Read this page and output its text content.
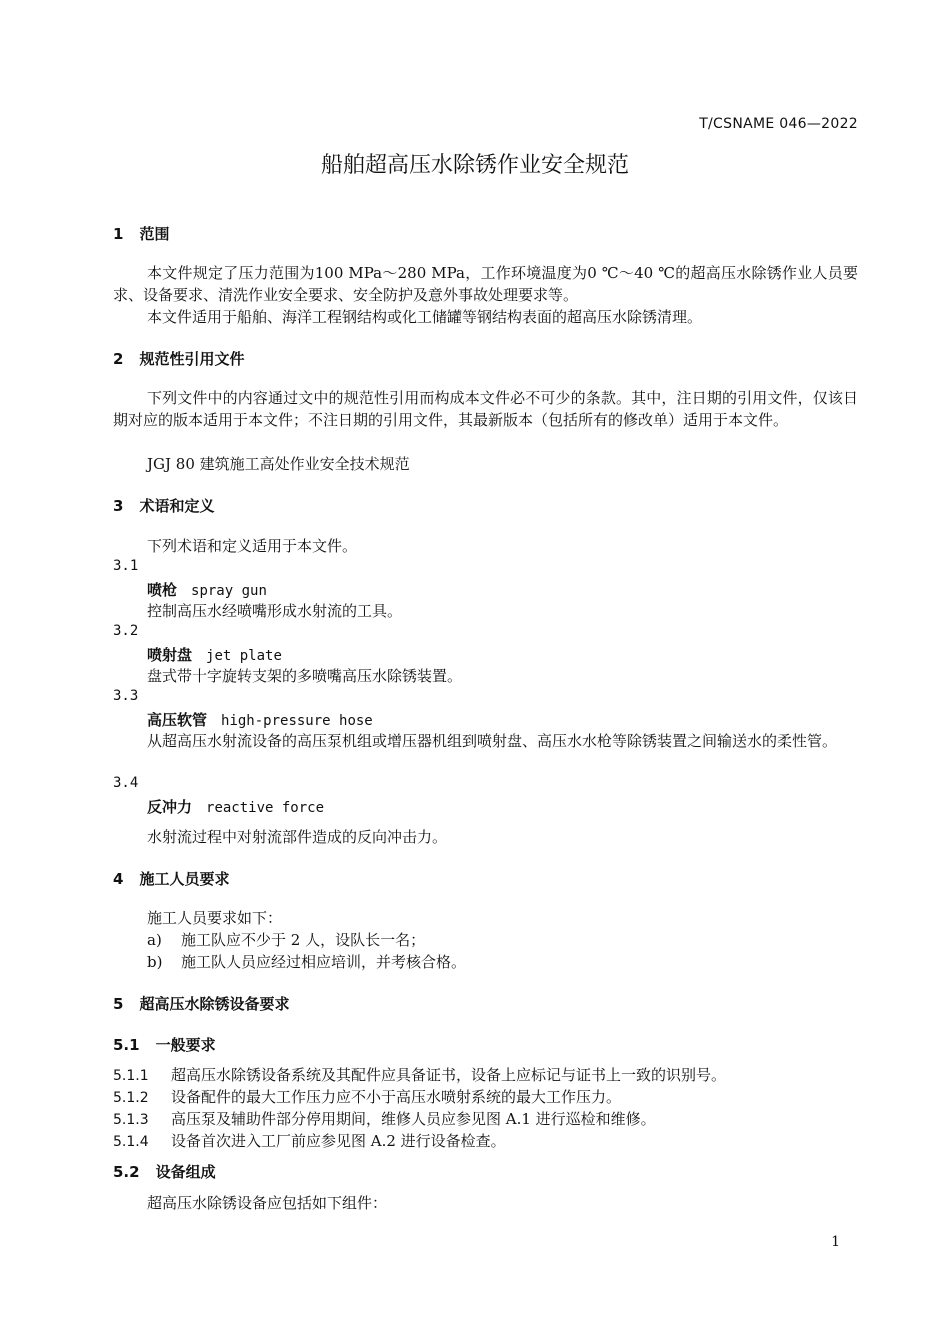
T/CSNAME 046—2022
船舶超高压水除锈作业安全规范
1 范围
本文件规定了压力范围为100 MPa～280 MPa，工作环境温度为0 ℃～40 ℃的超高压水除锈作业人员要求、设备要求、清洗作业安全要求、安全防护及意外事故处理要求等。
本文件适用于船舶、海洋工程钢结构或化工储罐等钢结构表面的超高压水除锈清理。
2 规范性引用文件
下列文件中的内容通过文中的规范性引用而构成本文件必不可少的条款。其中，注日期的引用文件，仅该日期对应的版本适用于本文件；不注日期的引用文件，其最新版本（包括所有的修改单）适用于本文件。
JGJ 80 建筑施工高处作业安全技术规范
3 术语和定义
下列术语和定义适用于本文件。
3.1
喷枪 spray gun
控制高压水经喷嘴形成水射流的工具。
3.2
喷射盘 jet plate
盘式带十字旋转支架的多喷嘴高压水除锈装置。
3.3
高压软管 high-pressure hose
从超高压水射流设备的高压泵机组或增压器机组到喷射盘、高压水水枪等除锈装置之间输送水的柔性管。
3.4
反冲力 reactive force
水射流过程中对射流部件造成的反向冲击力。
4 施工人员要求
施工人员要求如下：
a) 施工队应不少于 2 人，设队长一名；
b) 施工队人员应经过相应培训，并考核合格。
5 超高压水除锈设备要求
5.1 一般要求
5.1.1 超高压水除锈设备系统及其配件应具备证书，设备上应标记与证书上一致的识别号。
5.1.2 设备配件的最大工作压力应不小于高压水喷射系统的最大工作压力。
5.1.3 高压泵及辅助件部分停用期间，维修人员应参见图 A.1 进行巡检和维修。
5.1.4 设备首次进入工厂前应参见图 A.2 进行设备检查。
5.2 设备组成
超高压水除锈设备应包括如下组件：
1
